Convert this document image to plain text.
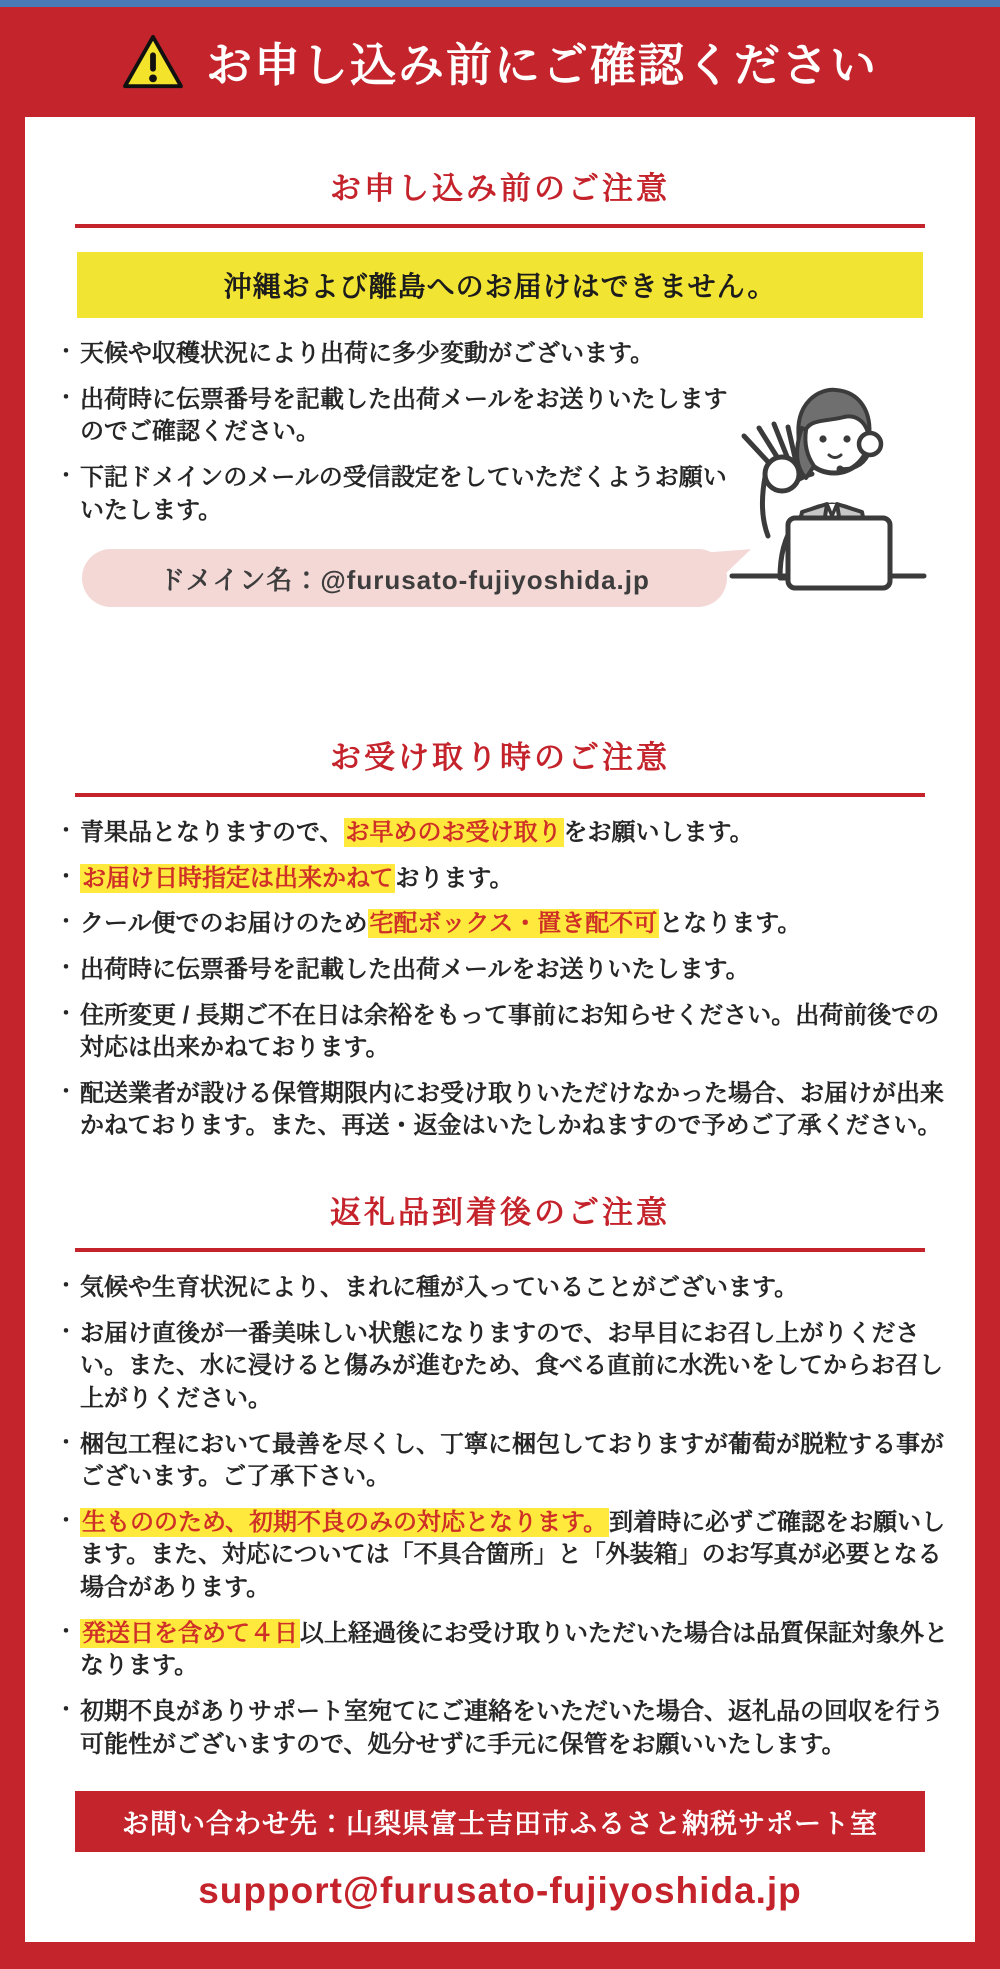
お申し込み前にご確認ください
お申し込み前のご注意
沖縄および離島へのお届けはできません。
・ 天候や収穫状況により出荷に多少変動がございます。
・ 出荷時に伝票番号を記載した出荷メールをお送りいたしますのでご確認ください。
・ 下記ドメインのメールの受信設定をしていただくようお願いいたします。
ドメイン名：@furusato-fujiyoshida.jp
お受け取り時のご注意
・ 青果品となりますので、お早めのお受け取りをお願いします。
・ お届け日時指定は出来かねております。
・ クール便でのお届けのため宅配ボックス・置き配不可となります。
・ 出荷時に伝票番号を記載した出荷メールをお送りいたします。
・ 住所変更 / 長期ご不在日は余裕をもって事前にお知らせください。出荷前後での対応は出来かねております。
・ 配送業者が設ける保管期限内にお受け取りいただけなかった場合、お届けが出来かねております。また、再送・返金はいたしかねますので予めご了承ください。
返礼品到着後のご注意
・ 気候や生育状況により、まれに種が入っていることがございます。
・ お届け直後が一番美味しい状態になりますので、お早目にお召し上がりください。また、水に浸けると傷みが進むため、食べる直前に水洗いをしてからお召し上がりください。
・ 梱包工程において最善を尽くし、丁寧に梱包しておりますが葡萄が脱粒する事がございます。ご了承下さい。
・ 生もののため、初期不良のみの対応となります。到着時に必ずご確認をお願いします。また、対応については「不具合箇所」と「外装箱」のお写真が必要となる場合があります。
・ 発送日を含めて４日以上経過後にお受け取りいただいた場合は品質保証対象外となります。
・ 初期不良がありサポート室宛てにご連絡をいただいた場合、返礼品の回収を行う可能性がございますので、処分せずに手元に保管をお願いいたします。
お問い合わせ先：山梨県富士吉田市ふるさと納税サポート室
support@furusato-fujiyoshida.jp
